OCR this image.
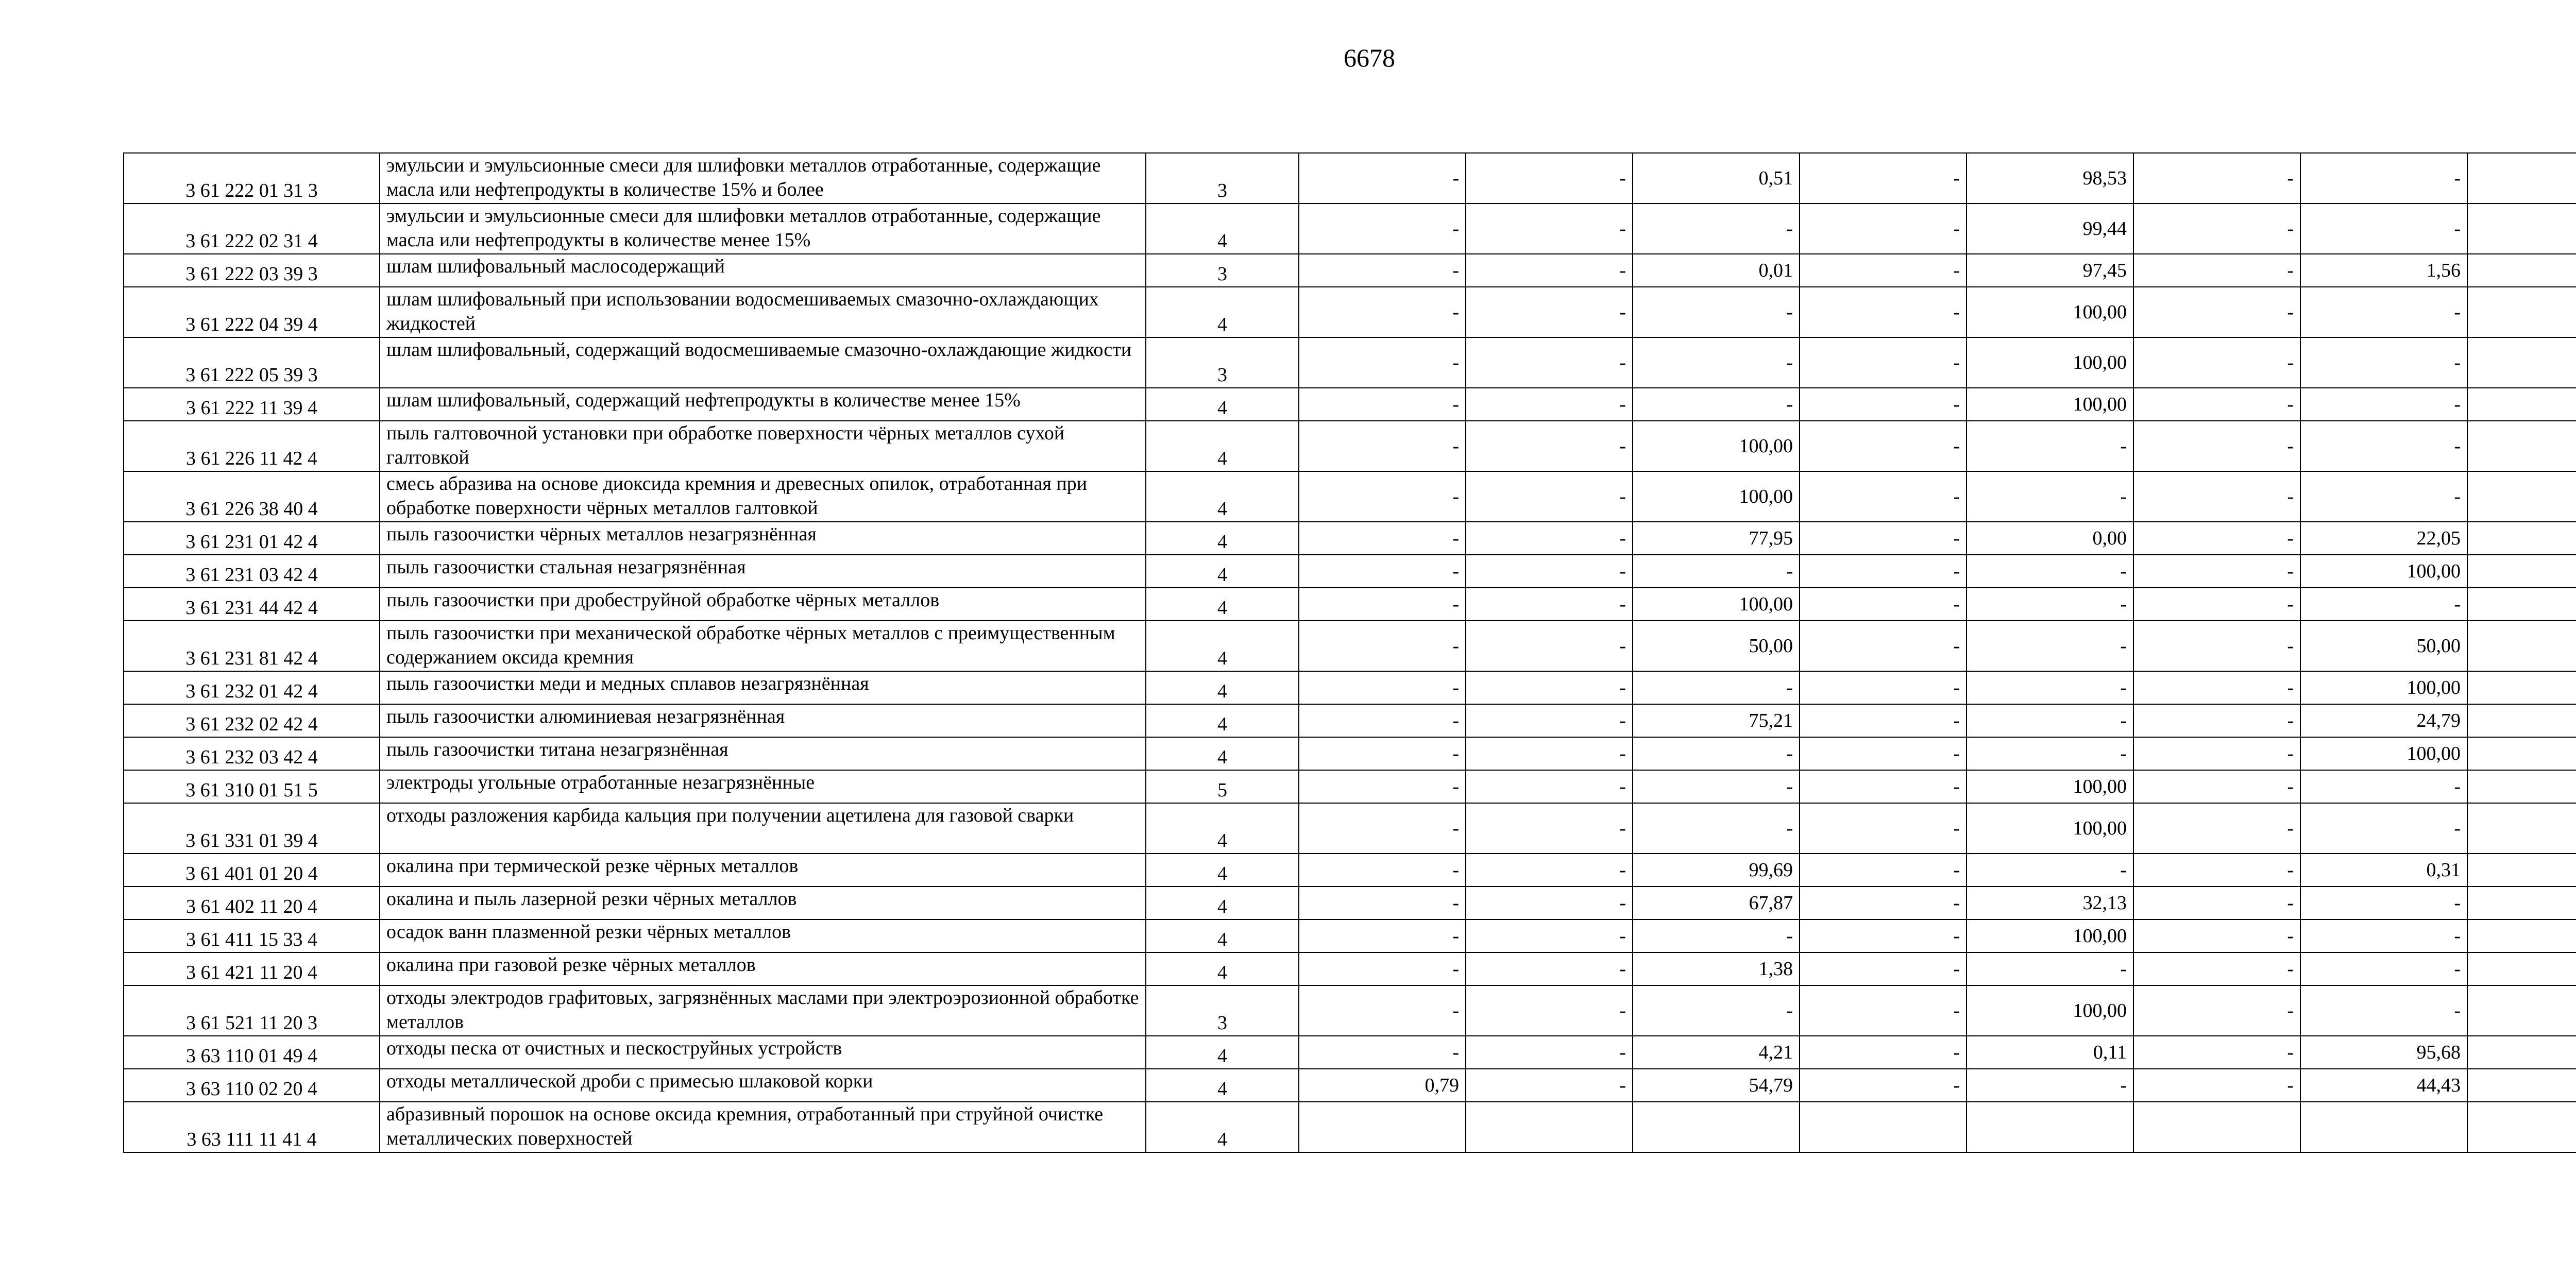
6678
3 61 222 01 31 3	эмульсии и эмульсионные смеси для шлифовки металлов отработанные, содержащие масла или нефтепродукты в количестве 15% и более	3	-	-	0,51	-	98,53	-	-	
3 61 222 02 31 4	эмульсии и эмульсионные смеси для шлифовки металлов отработанные, содержащие масла или нефтепродукты в количестве менее 15%	4	-	-	-	-	99,44	-	-	
3 61 222 03 39 3	шлам шлифовальный маслосодержащий	3	-	-	0,01	-	97,45	-	1,56	
3 61 222 04 39 4	шлам шлифовальный при использовании водосмешиваемых смазочно-охлаждающих жидкостей	4	-	-	-	-	100,00	-	-	
3 61 222 05 39 3	шлам шлифовальный, содержащий водосмешиваемые смазочно-охлаждающие жидкости	3	-	-	-	-	100,00	-	-	
3 61 222 11 39 4	шлам шлифовальный, содержащий нефтепродукты в количестве менее 15%	4	-	-	-	-	100,00	-	-	
3 61 226 11 42 4	пыль галтовочной установки при обработке поверхности чёрных металлов сухой галтовкой	4	-	-	100,00	-	-	-	-	
3 61 226 38 40 4	смесь абразива на основе диоксида кремния и древесных опилок, отработанная при обработке поверхности чёрных металлов галтовкой	4	-	-	100,00	-	-	-	-	
3 61 231 01 42 4	пыль газоочистки чёрных металлов незагрязнённая	4	-	-	77,95	-	0,00	-	22,05	
3 61 231 03 42 4	пыль газоочистки стальная незагрязнённая	4	-	-	-	-	-	-	100,00	
3 61 231 44 42 4	пыль газоочистки при дробеструйной обработке чёрных металлов	4	-	-	100,00	-	-	-	-	
3 61 231 81 42 4	пыль газоочистки при механической обработке чёрных металлов с преимущественным содержанием оксида кремния	4	-	-	50,00	-	-	-	50,00	
3 61 232 01 42 4	пыль газоочистки меди и медных сплавов незагрязнённая	4	-	-	-	-	-	-	100,00	
3 61 232 02 42 4	пыль газоочистки алюминиевая незагрязнённая	4	-	-	75,21	-	-	-	24,79	
3 61 232 03 42 4	пыль газоочистки титана незагрязнённая	4	-	-	-	-	-	-	100,00	
3 61 310 01 51 5	электроды угольные отработанные незагрязнённые	5	-	-	-	-	100,00	-	-	
3 61 331 01 39 4	отходы разложения карбида кальция при получении ацетилена для газовой сварки	4	-	-	-	-	100,00	-	-	
3 61 401 01 20 4	окалина при термической резке чёрных металлов	4	-	-	99,69	-	-	-	0,31	
3 61 402 11 20 4	окалина и пыль лазерной резки чёрных металлов	4	-	-	67,87	-	32,13	-	-	
3 61 411 15 33 4	осадок ванн плазменной резки чёрных металлов	4	-	-	-	-	100,00	-	-	
3 61 421 11 20 4	окалина при газовой резке чёрных металлов	4	-	-	1,38	-	-	-	-	
3 61 521 11 20 3	отходы электродов графитовых, загрязнённых маслами при электроэрозионной обработке металлов	3	-	-	-	-	100,00	-	-	
3 63 110 01 49 4	отходы песка от очистных и пескоструйных устройств	4	-	-	4,21	-	0,11	-	95,68	
3 63 110 02 20 4	отходы металлической дроби с примесью шлаковой корки	4	0,79	-	54,79	-	-	-	44,43	
3 63 111 11 41 4	абразивный порошок на основе оксида кремния, отработанный при струйной очистке металлических поверхностей	4								
